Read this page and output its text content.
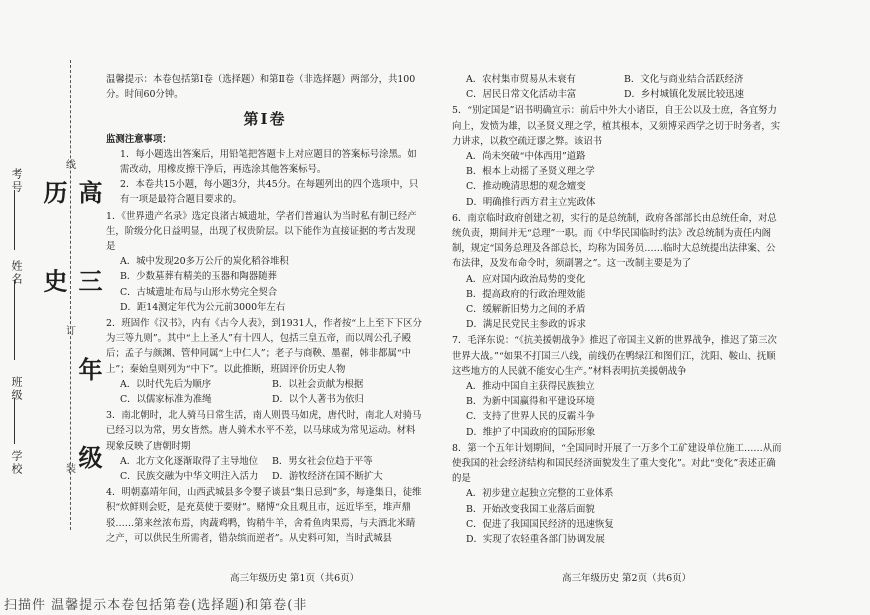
学校
班级
姓名
考号	高 三 年 级 历 史
线
订
装

温馨提示：本卷包括第Ⅰ卷（选择题）和第Ⅱ卷（非选择题）两部分，共100分。时间60分钟。

第Ⅰ卷

监测注意事项：

1．每小题选出答案后，用铅笔把答题卡上对应题目的答案标号涂黑。如需改动，用橡皮擦干净后，再选涂其他答案标号。

2．本卷共15小题，每小题3分，共45分。在每题列出的四个选项中，只有一项是最符合题目要求的。

1．《世界遗产名录》选定良渚古城遗址，学者们普遍认为当时私有制已经产生，阶级分化日益明显，出现了权贵阶层。以下能作为直接证据的考古发现是

A．城中发现20多万公斤的炭化稻谷堆积

B．少数墓葬有精美的玉器和陶器随葬

C．古城遗址布局与山形水势完全契合

D．距14测定年代为公元前3000年左右

2．班固作《汉书》，内有《古今人表》，到1931人，作者按“上上至下下区分为三等九则”。其中“上上圣人”有十四人，包括三皇五帝，而以周公孔子殿后；孟子与颜渊、管仲同属“上中仁人”；老子与商鞅、墨翟，韩非都属“中上”；秦始皇则列为“中下”。以此推断，班固评价历史人物

A．以时代先后为顺序	B．以社会贡献为根据
C．以儒家标准为准绳	D．以个人著书为依归

3．南北朝时，北人骑马日常生活，南人则畏马如虎，唐代时，南北人对骑马已经习以为常，男女皆然。唐人骑术水平不差，以马球成为常见运动。材料现象反映了唐朝时期

A．北方文化逐渐取得了主导地位	B．男女社会位趋于平等
C．民族交融为中华文明注入活力	D．游牧经济在国不断扩大

4．明朝嘉靖年间，山西武城县多令婴子谈县“集日忌到”多，每逢集日，徒维积“炊鲜则会贬，是充莫使于要财”。赌博“众且观且市，远近毕至，堆声鼎驳……第来丝浓布焉，肉蔬鸡鸭，钩稍牛羊，舍肴鱼肉果焉，与夫酒北米睛之产，可以供民生所需者，错杂缤而逆者”。从史料可知，当时武城县

A．农村集市贸易从未衰有	B．文化与商业结合活跃经济
C．居民日常文化活动丰富	D．乡村城镇化发展比较迅速

5．“别定国是”诏书明确宣示：前后中外大小诸臣，自王公以及士庶，各宜努力向上，发愤为雄，以圣贤义理之学，植其根本，又须博采西学之切于时务者，实力讲求，以救空疏迂谬之弊。该诏书

A．尚未突破“中体西用”道路

B．根本上动摇了圣贤义理之学

C．推动晚清思想的观念嬗变

D．明确推行西方君主立宪政体

6．南京临时政府创建之初，实行的是总统制，政府各部部长由总统任命，对总统负责，期间并无“总理”一职。而《中华民国临时约法》改总统制为责任内阁制，规定“国务总理及各部总长，均称为国务员……临时大总统提出法律案、公布法律，及发布命令时，须副署之”。这一改制主要是为了

A．应对国内政治局势的变化

B．提高政府的行政治理效能

C．缓解新旧势力之间的矛盾

D．满足民党民主参政的诉求

7．毛泽东说：“《抗美援朝战争》推迟了帝国主义新的世界战争，推迟了第三次世界大战。”“如果不打国三八线，前线仍在鸭绿江和图们江，沈阳、鞍山、抚顺这些地方的人民就不能安心生产。”材料表明抗美援朝战争

A．推动中国自主获得民族独立

B．为新中国赢得和平建设环境

C．支持了世界人民的反霸斗争

D．维护了中国政府的国际形象

8．第一个五年计划期间，“全国同时开展了一万多个工矿建设单位施工……从而使我国的社会经济结构和国民经济面貌发生了重大变化”。对此“变化”表述正确的是

A．初步建立起独立完整的工业体系

B．开始改变我国工业落后面貌

C．促进了我国国民经济的迅速恢复

D．实现了农轻重各部门协调发展

高三年级历史 第1页（共6页）	高三年级历史 第2页（共6页）
扫描件 温馨提示本卷包括第卷(选择题)和第卷(非
